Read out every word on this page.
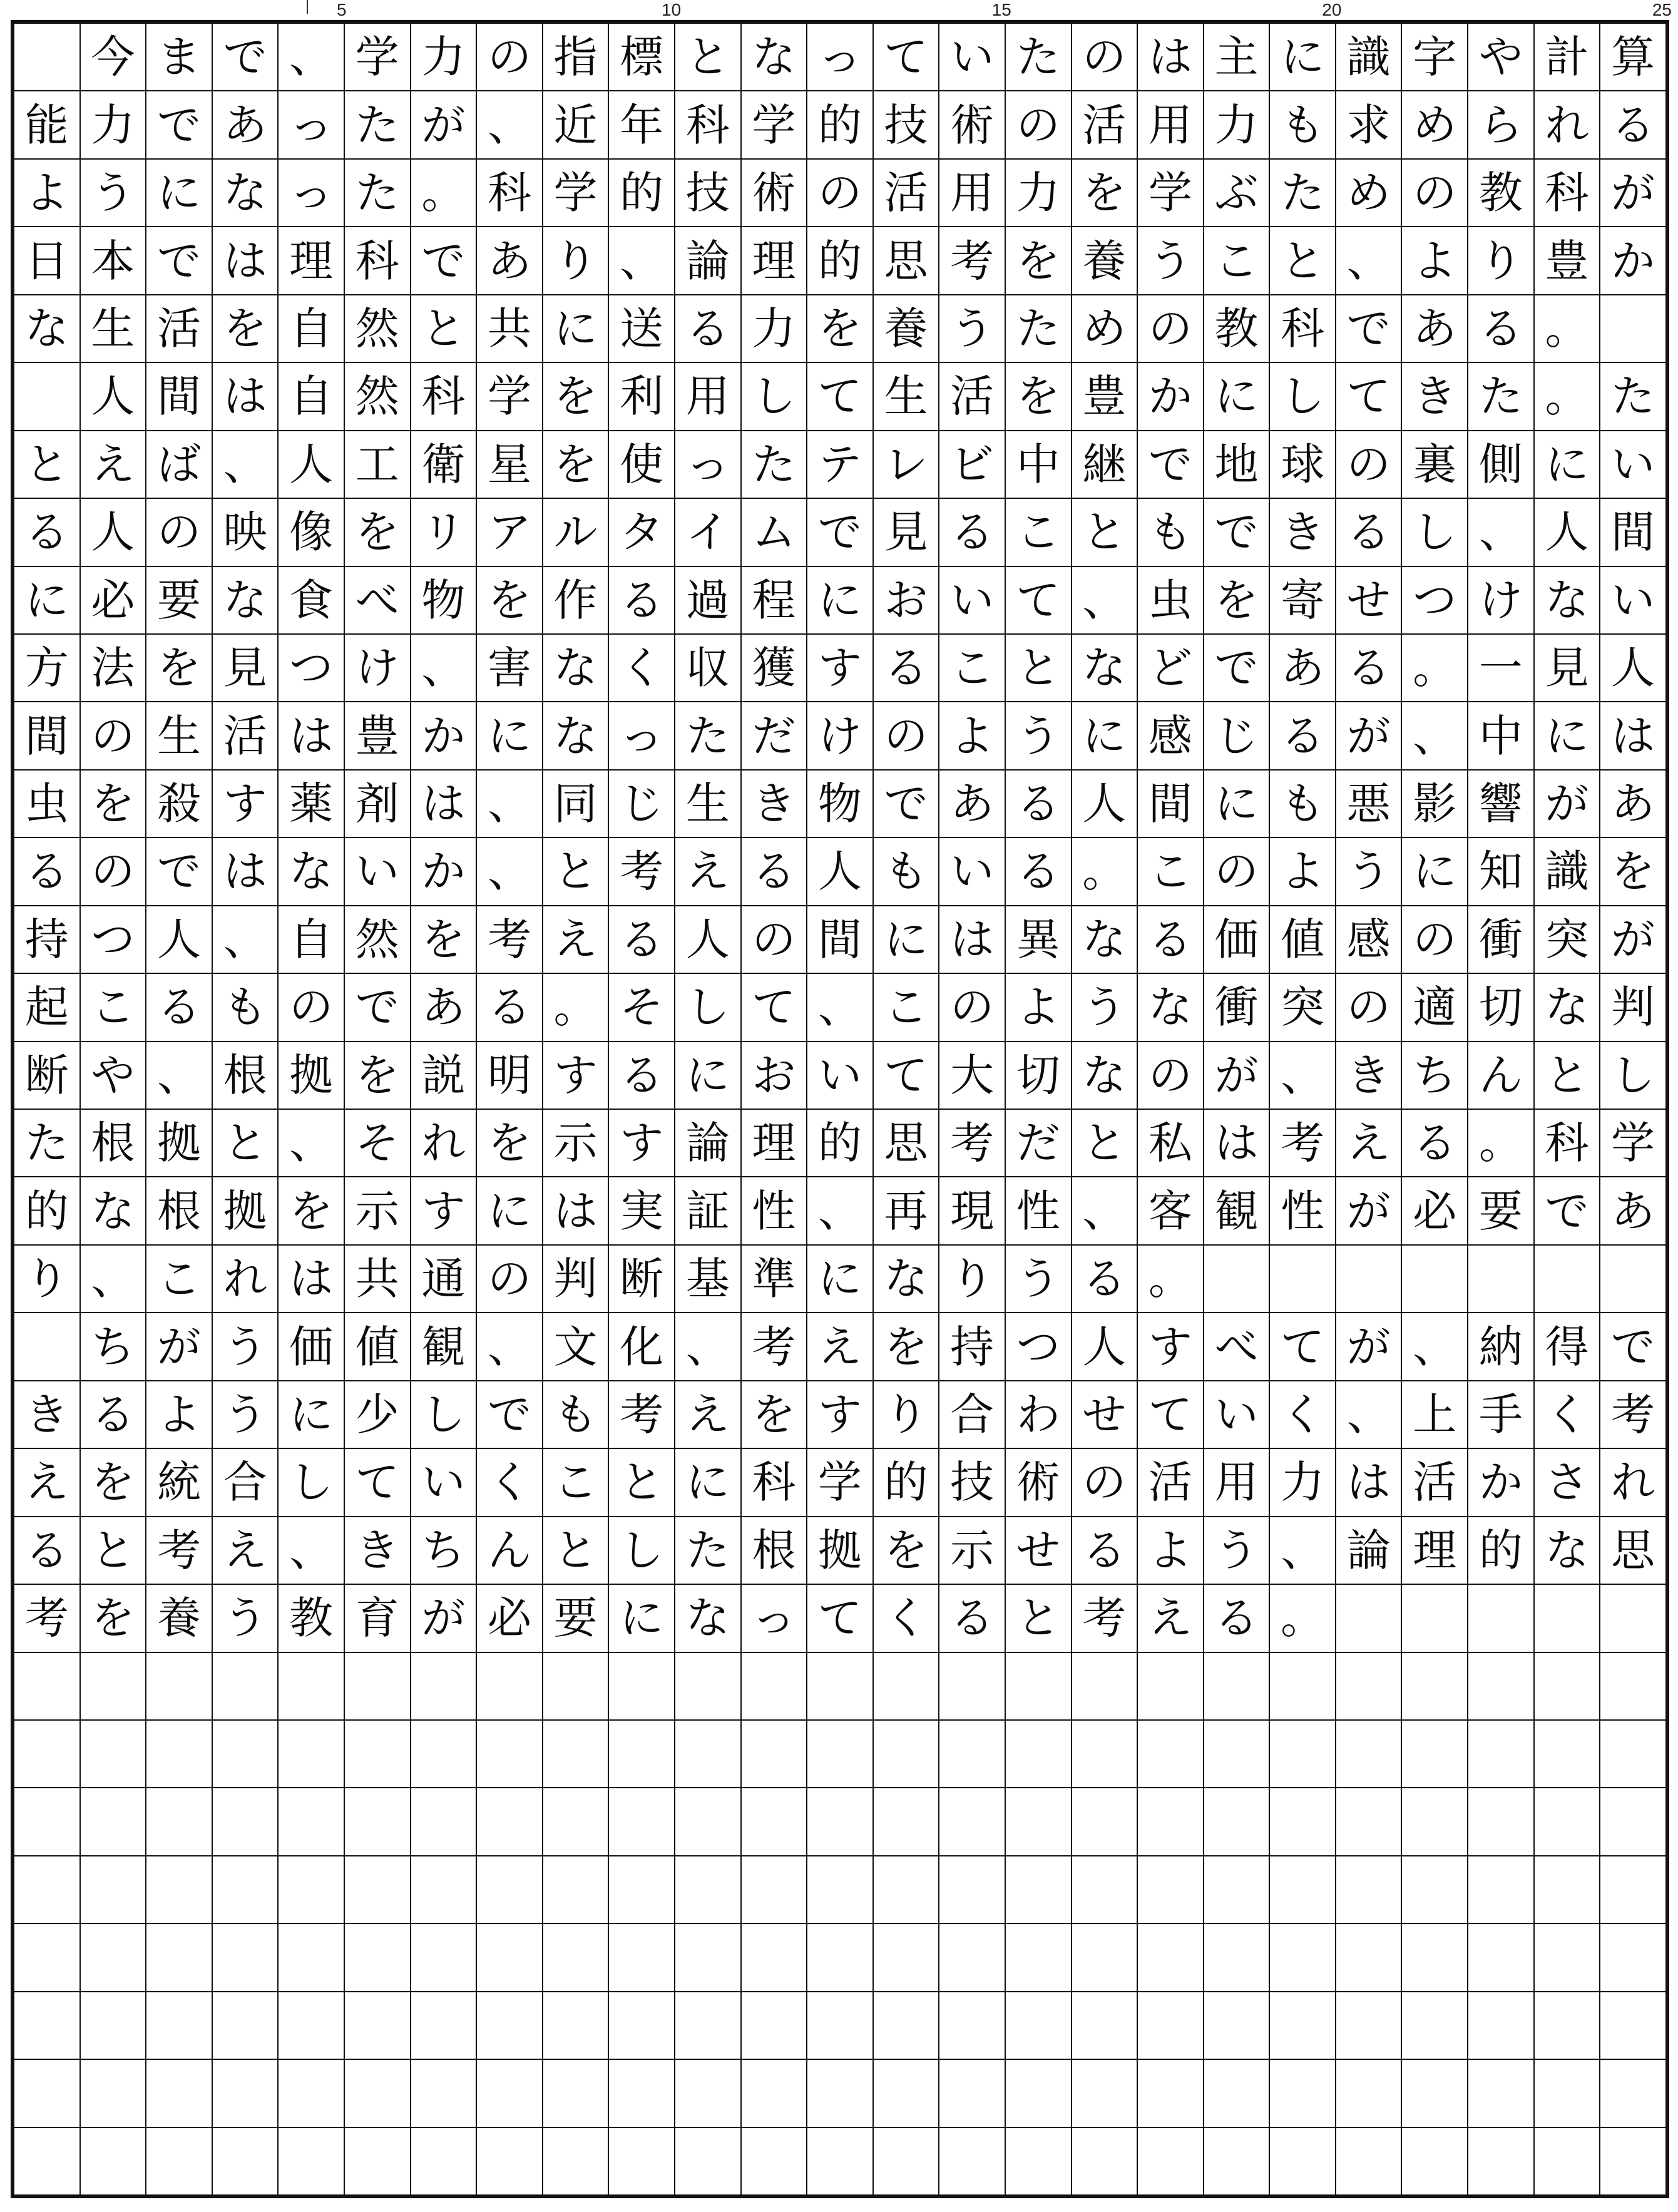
5	10	15	20	25
今 ま で 、 学 力 の 指 標 と な っ て い た の は 主 に 識 字 や 計 算
能 力 で あ っ た が 、 近 年 科 学 的 技 術 の 活 用 力 も 求 め ら れ る
よ う に な っ た 。 科 学 的 技 術 の 活 用 力 を 学 ぶ た め の 教 科 が
日 本 で は 理 科 で あ り 、 論 理 的 思 考 を 養 う こ と 、 よ り 豊 か
な 生 活 を 自 然 と 共 に 送 る 力 を 養 う た め の 教 科 で あ る 。
人 間 は 自 然 科 学 を 利 用 し て 生 活 を 豊 か に し て き た 。 た
と え ば 、 人 工 衛 星 を 使 っ た テ レ ビ 中 継 で 地 球 の 裏 側 に い
る 人 の 映 像 を リ ア ル タ イ ム で 見 る こ と も で き る し 、 人 間
に 必 要 な 食 べ 物 を 作 る 過 程 に お い て 、 虫 を 寄 せ つ け な い
方 法 を 見 つ け 、 害 な く 収 獲 す る こ と な ど で あ る 。 一 見 人
間 の 生 活 は 豊 か に な っ た だ け の よ う に 感 じ る が 、 中 に は
虫 を 殺 す 薬 剤 は 、 同 じ 生 き 物 で あ る 人 間 に も 悪 影 響 が あ
る の で は な い か 、 と 考 え る 人 も い る 。 こ の よ う に 知 識 を
持 つ 人 、 自 然 を 考 え る 人 の 間 に は 異 な る 価 値 感 の 衝 突 が
起 こ る も の で あ る 。 そ し て 、 こ の よ う な 衝 突 の 適 切 な 判
断 や 、 根 拠 を 説 明 す る に お い て 大 切 な の が 、 き ち ん と し
た 根 拠 と 、 そ れ を 示 す 論 理 的 思 考 だ と 私 は 考 え る 。 科 学
的 な 根 拠 を 示 す に は 実 証 性 、 再 現 性 、 客 観 性 が 必 要 で あ
り 、 こ れ は 共 通 の 判 断 基 準 に な り う る 。
ち が う 価 値 観 、 文 化 、 考 え を 持 つ 人 す べ て が 、 納 得 で
き る よ う に 少 し で も 考 え を す り 合 わ せ て い く 、 上 手 く 考
え を 統 合 し て い く こ と に 科 学 的 技 術 の 活 用 力 は 活 か さ れ
る と 考 え 、 き ち ん と し た 根 拠 を 示 せ る よ う 、 論 理 的 な 思
考 を 養 う 教 育 が 必 要 に な っ て く る と 考 え る 。
